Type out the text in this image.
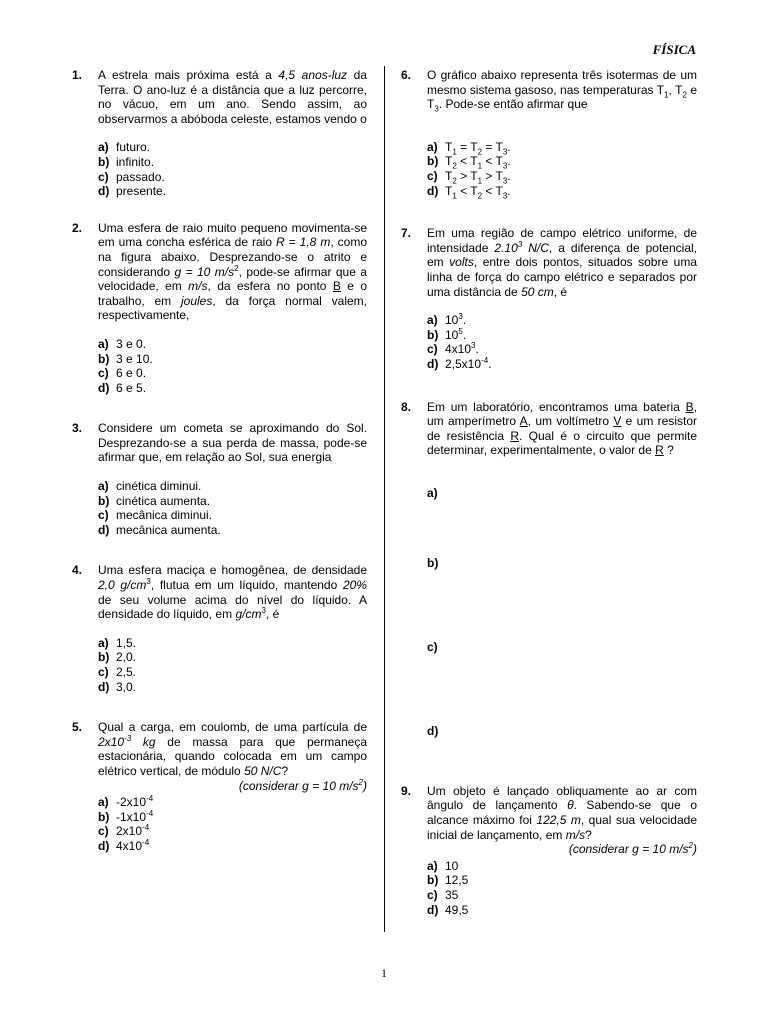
FÍSICA
1. A estrela mais próxima está a 4,5 anos-luz da Terra. O ano-luz é a distância que a luz percorre, no vácuo, em um ano. Sendo assim, ao observarmos a abóboda celeste, estamos vendo o
a) futuro.
b) infinito.
c) passado.
d) presente.
2. Uma esfera de raio muito pequeno movimenta-se em uma concha esférica de raio R = 1,8 m, como na figura abaixo. Desprezando-se o atrito e considerando g = 10 $m/s^2$, pode-se afirmar que a velocidade, em m/s, da esfera no ponto B e o trabalho, em joules, da força normal valem, respectivamente,
a) 3 e 0.
b) 3 e 10.
c) 6 e 0.
d) 6 e 5.
3. Considere um cometa se aproximando do Sol. Desprezando-se a sua perda de massa, pode-se afirmar que, em relação ao Sol, sua energia
a) cinética diminui.
b) cinética aumenta.
c) mecânica diminui.
d) mecânica aumenta.
4. Uma esfera maciça e homogênea, de densidade 2,0 $g/cm^3$, flutua em um líquido, mantendo 20% de seu volume acima do nível do líquido. A densidade do líquido, em $g/cm^3$, é
a) 1,5.
b) 2,0.
c) 2,5.
d) 3,0.
5. Qual a carga, em coulomb, de uma partícula de $2x10^{-3}$ kg de massa para que permaneça estacionária, quando colocada em um campo elétrico vertical, de módulo 50 N/C?
(considerar g = 10 $m/s^2$)
a) $-2x10^{-4}$
b) $-1x10^{-4}$
c) $2x10^{-4}$
d) $4x10^{-4}$
6. O gráfico abaixo representa três isotermas de um mesmo sistema gasoso, nas temperaturas $T_1$, $T_2$ e $T_3$. Pode-se então afirmar que
a) $T_1 = T_2 = T_3$.
b) $T_2 < T_1 < T_3$.
c) $T_2 > T_1 > T_3$.
d) $T_1 < T_2 < T_3$.
7. Em uma região de campo elétrico uniforme, de intensidade 2.10$^3$ N/C, a diferença de potencial, em volts, entre dois pontos, situados sobre uma linha de força do campo elétrico e separados por uma distância de 50 cm, é
a) $10^3$.
b) $10^5$.
c) $4x10^3$.
d) $2,5x10^{-4}$.
8. Em um laboratório, encontramos uma bateria B, um amperímetro A, um voltímetro V e um resistor de resistência R. Qual é o circuito que permite determinar, experimentalmente, o valor de R ?
a)
b)
c)
d)
9. Um objeto é lançado obliquamente ao ar com ângulo de lançamento θ. Sabendo-se que o alcance máximo foi 122,5 m, qual sua velocidade inicial de lançamento, em m/s?
(considerar g = 10 $m/s^2$)
a) 10
b) 12,5
c) 35
d) 49,5
1
